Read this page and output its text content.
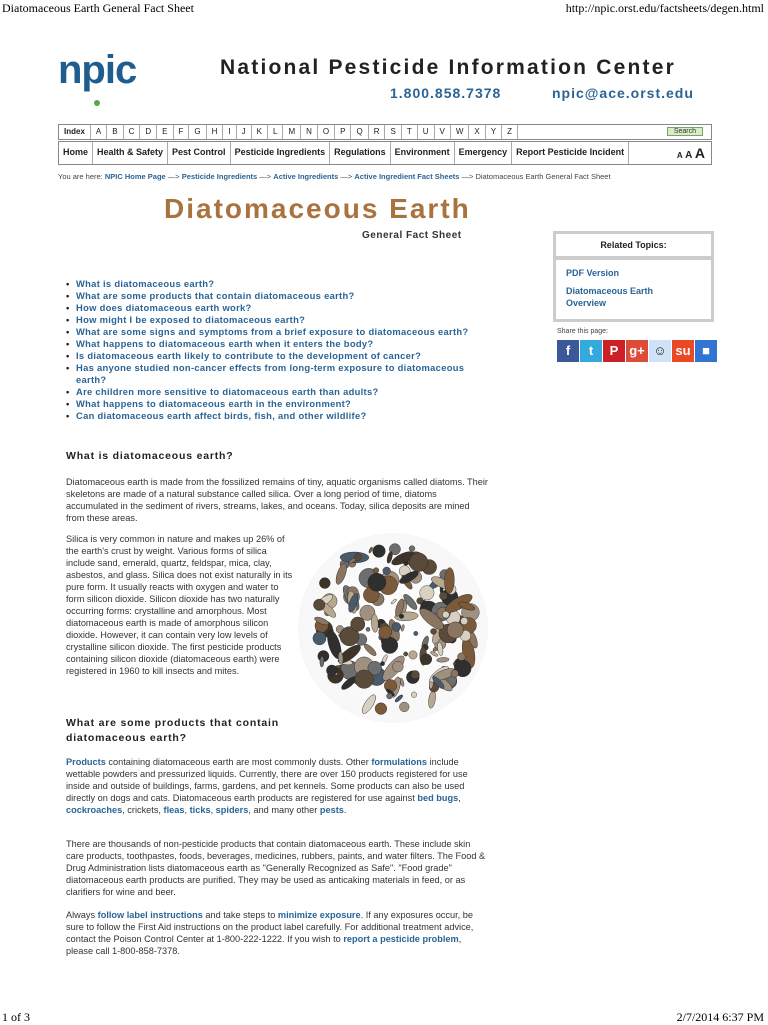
Diatomaceous Earth General Fact Sheet	http://npic.orst.edu/factsheets/degen.html
npic	National Pesticide Information Center
1.800.858.7378	npic@ace.orst.edu
Index	A	B	C	D	E	F	G	H	I	J	K	L	M	N	O	P	Q	R	S	T	U	V	W	X	Y	Z	Search
Home	Health & Safety	Pest Control	Pesticide Ingredients	Regulations	Environment	Emergency	Report Pesticide Incident	A A A
You are here: NPIC Home Page —> Pesticide Ingredients —> Active Ingredients —> Active Ingredient Fact Sheets —> Diatomaceous Earth General Fact Sheet
Diatomaceous Earth
General Fact Sheet
Related Topics:
PDF Version
Diatomaceous Earth Overview
Share this page:
f	t	P g+ ☺ su ■
• What is diatomaceous earth?
• What are some products that contain diatomaceous earth?
• How does diatomaceous earth work?
• How might I be exposed to diatomaceous earth?
• What are some signs and symptoms from a brief exposure to diatomaceous earth?
• What happens to diatomaceous earth when it enters the body?
• Is diatomaceous earth likely to contribute to the development of cancer?
• Has anyone studied non-cancer effects from long-term exposure to diatomaceous earth?
• Are children more sensitive to diatomaceous earth than adults?
• What happens to diatomaceous earth in the environment?
• Can diatomaceous earth affect birds, fish, and other wildlife?
What is diatomaceous earth?
Diatomaceous earth is made from the fossilized remains of tiny, aquatic organisms called diatoms. Their skeletons are made of a natural substance called silica. Over a long period of time, diatoms accumulated in the sediment of rivers, streams, lakes, and oceans. Today, silica deposits are mined from these areas.
Silica is very common in nature and makes up 26% of the earth's crust by weight. Various forms of silica include sand, emerald, quartz, feldspar, mica, clay, asbestos, and glass. Silica does not exist naturally in its pure form. It usually reacts with oxygen and water to form silicon dioxide. Silicon dioxide has two naturally occurring forms: crystalline and amorphous. Most diatomaceous earth is made of amorphous silicon dioxide. However, it can contain very low levels of crystalline silicon dioxide. The first pesticide products containing silicon dioxide (diatomaceous earth) were registered in 1960 to kill insects and mites.
What are some products that contain diatomaceous earth?
Products containing diatomaceous earth are most commonly dusts. Other formulations include wettable powders and pressurized liquids. Currently, there are over 150 products registered for use inside and outside of buildings, farms, gardens, and pet kennels. Some products can also be used directly on dogs and cats. Diatomaceous earth products are registered for use against bed bugs, cockroaches, crickets, fleas, ticks, spiders, and many other pests.
There are thousands of non-pesticide products that contain diatomaceous earth. These include skin care products, toothpastes, foods, beverages, medicines, rubbers, paints, and water filters. The Food & Drug Administration lists diatomaceous earth as "Generally Recognized as Safe". "Food grade" diatomaceous earth products are purified. They may be used as anticaking materials in feed, or as clarifiers for wine and beer.
Always follow label instructions and take steps to minimize exposure. If any exposures occur, be sure to follow the First Aid instructions on the product label carefully. For additional treatment advice, contact the Poison Control Center at 1-800-222-1222. If you wish to report a pesticide problem, please call 1-800-858-7378.
1 of 3	2/7/2014 6:37 PM
